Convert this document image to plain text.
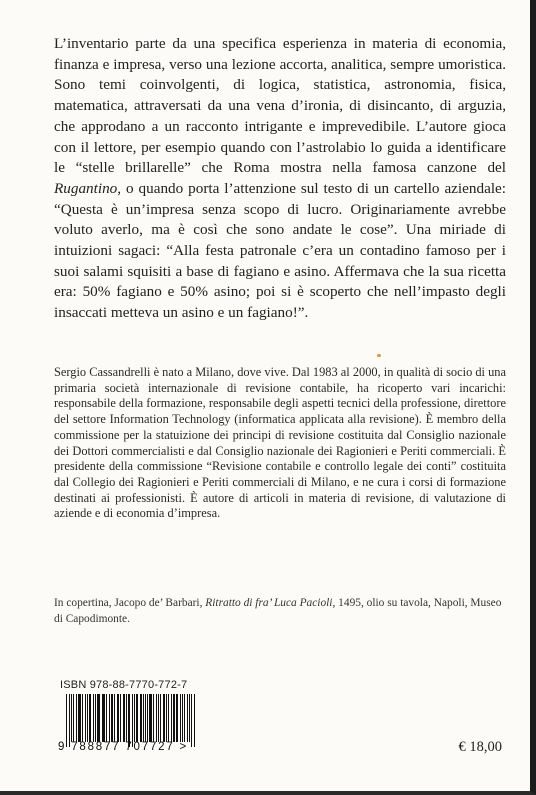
L’inventario parte da una specifica esperienza in materia di economia, finanza e impresa, verso una lezione accorta, analitica, sempre umoristica. Sono temi coinvolgenti, di logica, statistica, astronomia, fisica, matematica, attraversati da una vena d’ironia, di disincanto, di arguzia, che approdano a un racconto intrigante e imprevedibile. L’autore gioca con il lettore, per esempio quando con l’astrolabio lo guida a identificare le “stelle brillarelle” che Roma mostra nella famosa canzone del Rugantino, o quando porta l’attenzione sul testo di un cartello aziendale: “Questa è un’impresa senza scopo di lucro. Originariamente avrebbe voluto averlo, ma è così che sono andate le cose”. Una miriade di intuizioni sagaci: “Alla festa patronale c’era un contadino famoso per i suoi salami squisiti a base di fagiano e asino. Affermava che la sua ricetta era: 50% fagiano e 50% asino; poi si è scoperto che nell’impasto degli insaccati metteva un asino e un fagiano!”.

Sergio Cassandrelli è nato a Milano, dove vive. Dal 1983 al 2000, in qualità di socio di una primaria società internazionale di revisione contabile, ha ricoperto vari incarichi: responsabile della formazione, responsabile degli aspetti tecnici della professione, direttore del settore Information Technology (informatica applicata alla revisione). È membro della commissione per la statuizione dei principi di revisione costituita dal Consiglio nazionale dei Dottori commercialisti e dal Consiglio nazionale dei Ragionieri e Periti commerciali. È presidente della commissione “Revisione contabile e controllo legale dei conti” costituita dal Collegio dei Ragionieri e Periti commerciali di Milano, e ne cura i corsi di formazione destinati ai professionisti. È autore di articoli in materia di revisione, di valutazione di aziende e di economia d’impresa.

In copertina, Jacopo de’ Barbari, Ritratto di fra’ Luca Pacioli, 1495, olio su tavola, Napoli, Museo di Capodimonte.

ISBN 978-88-7770-772-7
9 788877 707727 >	€ 18,00
